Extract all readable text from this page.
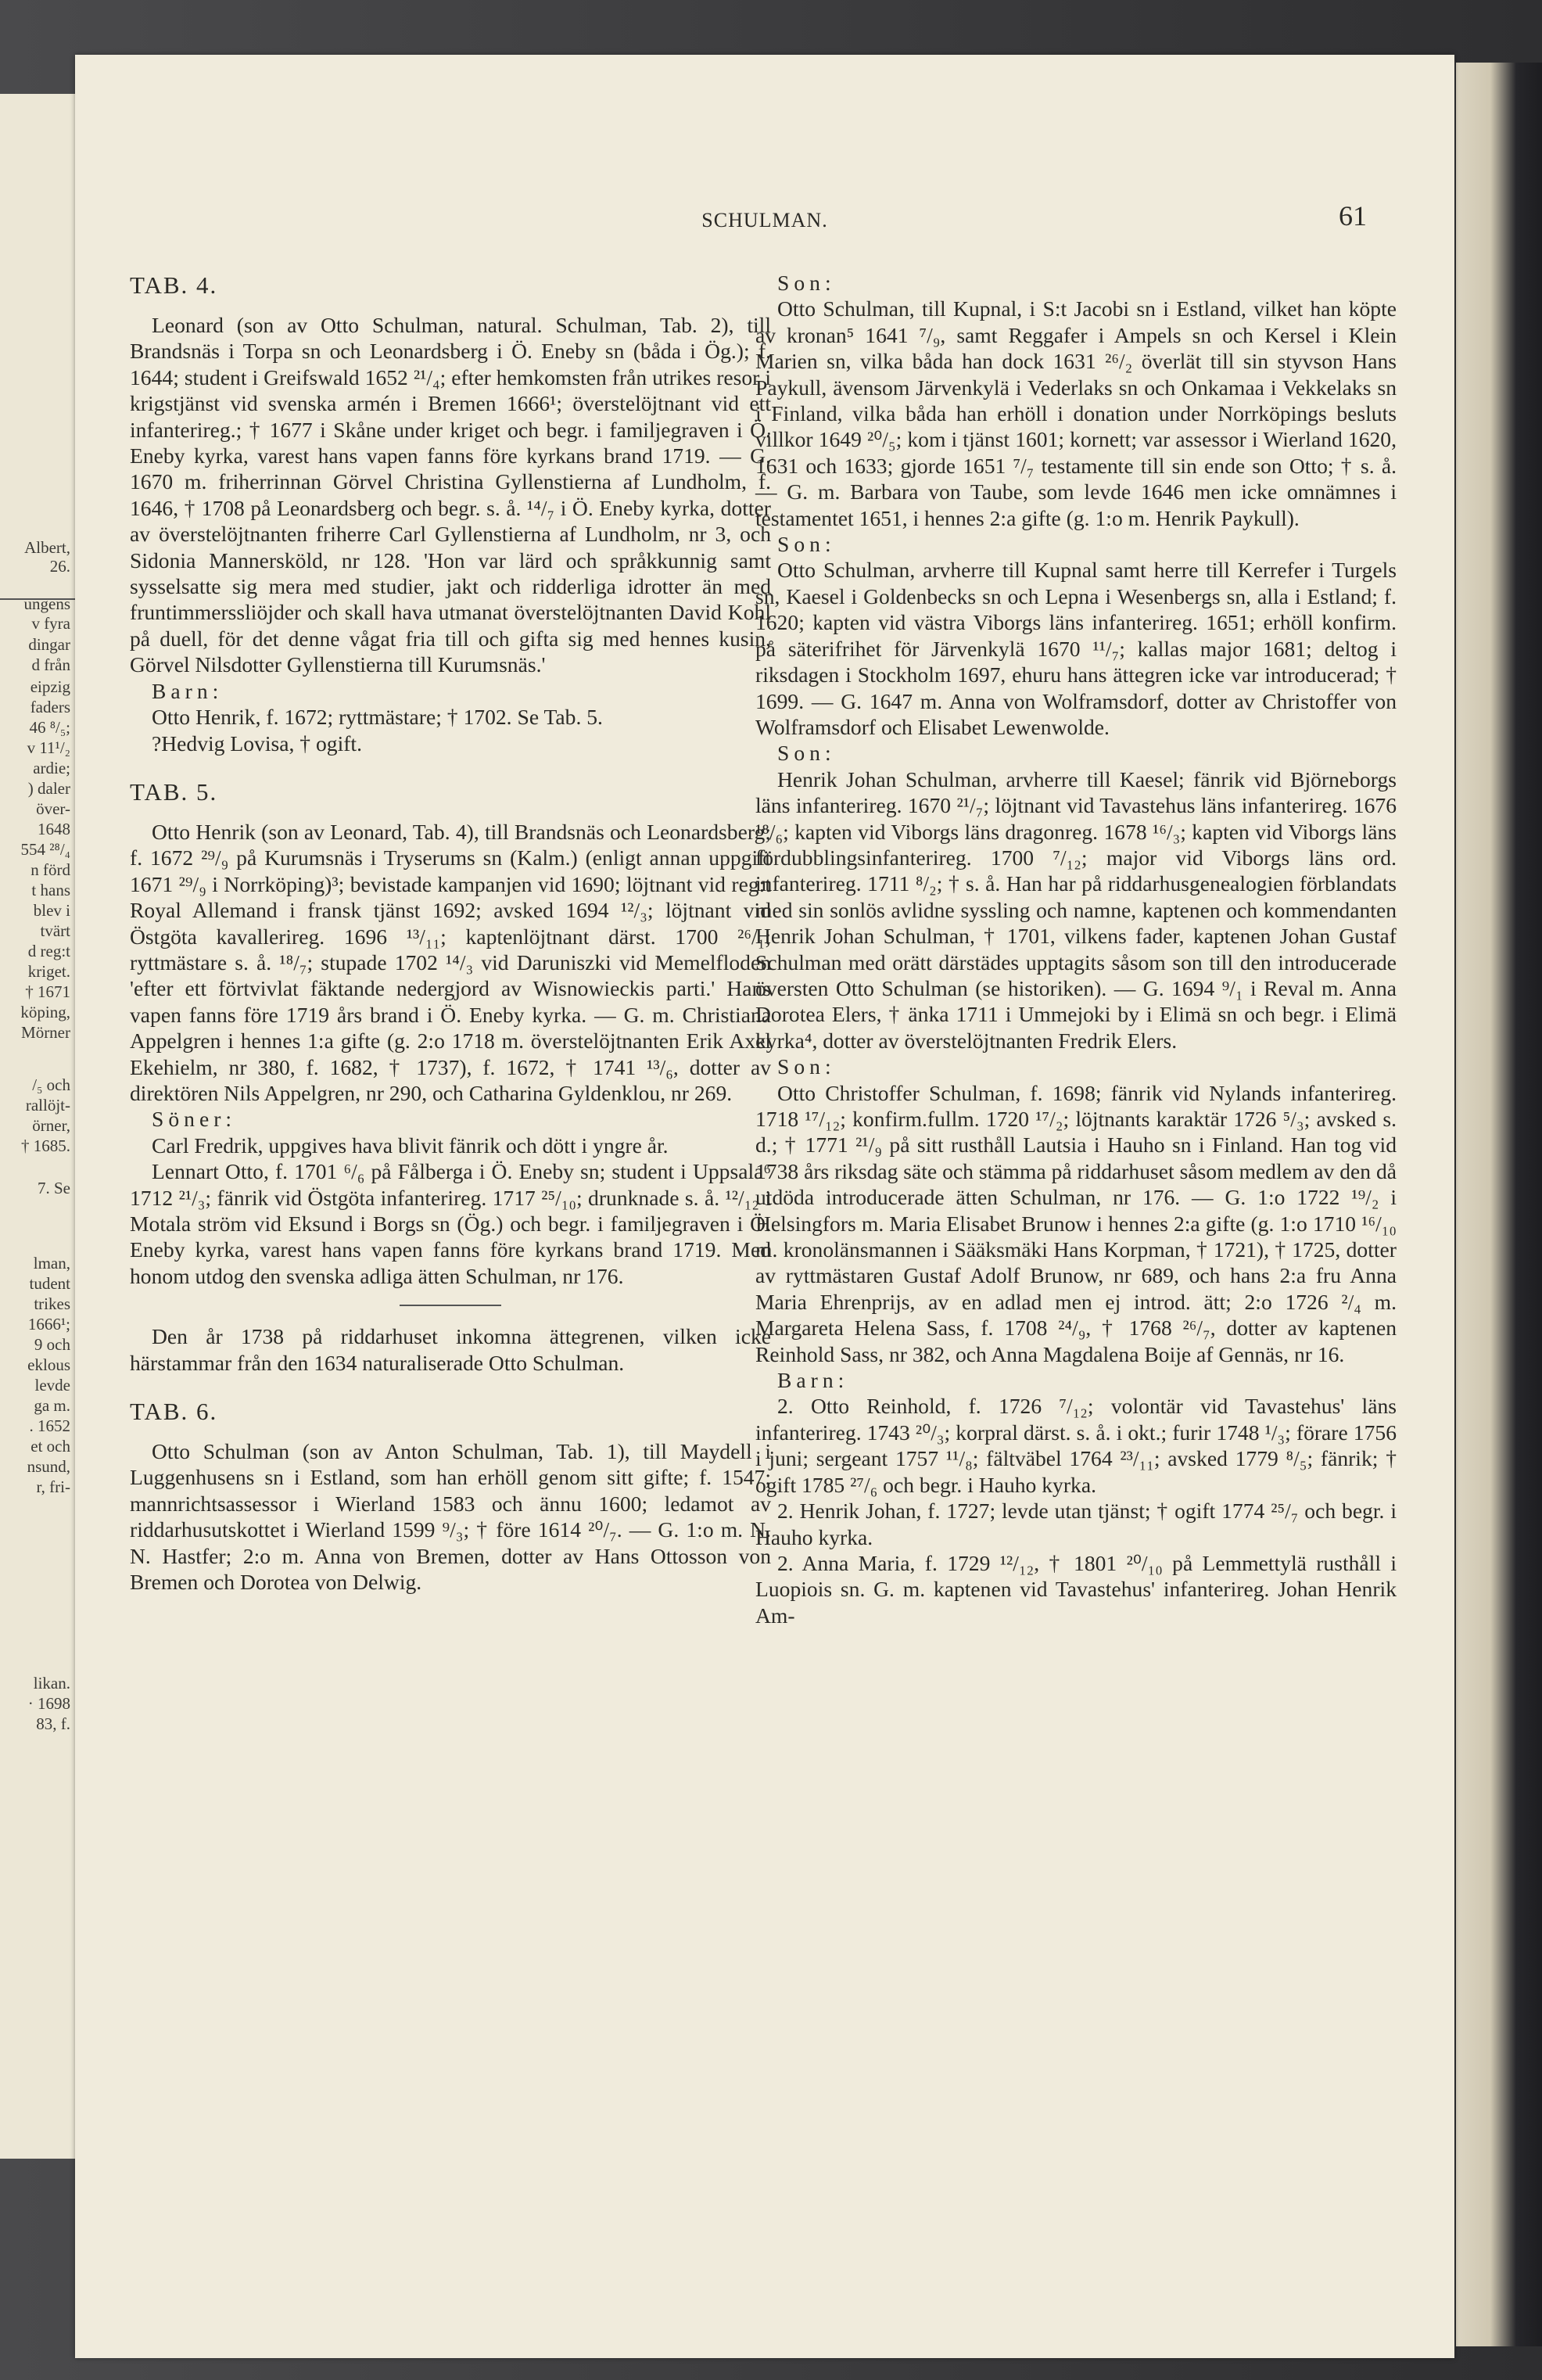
Albert,
26.
ungens
v fyra
dingar
d från
eipzig
faders
46 ⁸/₅;
v 11¹/₂
ardie;
) daler
över-
1648
554 ²⁸/₄
n förd
t hans
blev i
tvärt
d reg:t
kriget.
† 1671
köping,
Mörner
/₅ och
rallöjt-
örner,
† 1685.
7. Se
lman,
tudent
trikes
1666¹;
9 och
eklous
levde
ga m.
. 1652
et och
nsund,
r, fri-
likan.
· 1698
83, f.
SCHULMAN.	61

TAB. 4.

Leonard (son av Otto Schulman, natural. Schulman, Tab. 2), till Brandsnäs i Torpa sn och Leonardsberg i Ö. Eneby sn (båda i Ög.); f. 1644; student i Greifswald 1652 ²¹/₄; efter hemkomsten från utrikes resor i krigstjänst vid svenska armén i Bremen 1666¹; överstelöjtnant vid ett infanterireg.; † 1677 i Skåne under kriget och begr. i familjegraven i Ö. Eneby kyrka, varest hans vapen fanns före kyrkans brand 1719. — G. 1670 m. friherrinnan Görvel Christina Gyllenstierna af Lundholm, f. 1646, † 1708 på Leonardsberg och begr. s. å. ¹⁴/₇ i Ö. Eneby kyrka, dotter av överstelöjtnanten friherre Carl Gyllenstierna af Lundholm, nr 3, och Sidonia Mannersköld, nr 128. 'Hon var lärd och språkkunnig samt sysselsatte sig mera med studier, jakt och ridderliga idrotter än med fruntimmerssliöjder och skall hava utmanat överstelöjtnanten David Kohl på duell, för det denne vågat fria till och gifta sig med hennes kusin, Görvel Nilsdotter Gyllenstierna till Kurumsnäs.'

Barn:

Otto Henrik, f. 1672; ryttmästare; † 1702. Se Tab. 5.

?Hedvig Lovisa, † ogift.

TAB. 5.

Otto Henrik (son av Leonard, Tab. 4), till Brandsnäs och Leonardsberg; f. 1672 ²⁹/₉ på Kurumsnäs i Tryserums sn (Kalm.) (enligt annan uppgift 1671 ²⁹/₉ i Norrköping)³; bevistade kampanjen vid 1690; löjtnant vid reg:t Royal Allemand i fransk tjänst 1692; avsked 1694 ¹²/₃; löjtnant vid Östgöta kavallerireg. 1696 ¹³/₁₁; kaptenlöjtnant därst. 1700 ²⁶/₁; ryttmästare s. å. ¹⁸/₇; stupade 1702 ¹⁴/₃ vid Daruniszki vid Memelfloden 'efter ett förtvivlat fäktande nedergjord av Wisnowieckis parti.' Hans vapen fanns före 1719 års brand i Ö. Eneby kyrka. — G. m. Christiana Appelgren i hennes 1:a gifte (g. 2:o 1718 m. överstelöjtnanten Erik Axel Ekehielm, nr 380, f. 1682, † 1737), f. 1672, † 1741 ¹³/₆, dotter av direktören Nils Appelgren, nr 290, och Catharina Gyldenklou, nr 269.

Söner:

Carl Fredrik, uppgives hava blivit fänrik och dött i yngre år.

Lennart Otto, f. 1701 ⁶/₆ på Fålberga i Ö. Eneby sn; student i Uppsala⁶ 1712 ²¹/₃; fänrik vid Östgöta infanterireg. 1717 ²⁵/₁₀; drunknade s. å. ¹²/₁₂ i Motala ström vid Eksund i Borgs sn (Ög.) och begr. i familjegraven i Ö. Eneby kyrka, varest hans vapen fanns före kyrkans brand 1719. Med honom utdog den svenska adliga ätten Schulman, nr 176.

Den år 1738 på riddarhuset inkomna ättegrenen, vilken icke härstammar från den 1634 naturaliserade Otto Schulman.

TAB. 6.

Otto Schulman (son av Anton Schulman, Tab. 1), till Maydell i Luggenhusens sn i Estland, som han erhöll genom sitt gifte; f. 1547; mannrichtsassessor i Wierland 1583 och ännu 1600; ledamot av riddarhusutskottet i Wierland 1599 ⁹/₃; † före 1614 ²⁰/₇. — G. 1:o m. N. N. Hastfer; 2:o m. Anna von Bremen, dotter av Hans Ottosson von Bremen och Dorotea von Delwig.

Son:

Otto Schulman, till Kupnal, i S:t Jacobi sn i Estland, vilket han köpte av kronan⁵ 1641 ⁷/₉, samt Reggafer i Ampels sn och Kersel i Klein Marien sn, vilka båda han dock 1631 ²⁶/₂ överlät till sin styvson Hans Paykull, ävensom Järvenkylä i Vederlaks sn och Onkamaa i Vekkelaks sn i Finland, vilka båda han erhöll i donation under Norrköpings besluts villkor 1649 ²⁰/₅; kom i tjänst 1601; kornett; var assessor i Wierland 1620, 1631 och 1633; gjorde 1651 ⁷/₇ testamente till sin ende son Otto; † s. å. — G. m. Barbara von Taube, som levde 1646 men icke omnämnes i testamentet 1651, i hennes 2:a gifte (g. 1:o m. Henrik Paykull).

Son:

Otto Schulman, arvherre till Kupnal samt herre till Kerrefer i Turgels sn, Kaesel i Goldenbecks sn och Lepna i Wesenbergs sn, alla i Estland; f. 1620; kapten vid västra Viborgs läns infanterireg. 1651; erhöll konfirm. på säterifrihet för Järvenkylä 1670 ¹¹/₇; kallas major 1681; deltog i riksdagen i Stockholm 1697, ehuru hans ättegren icke var introducerad; † 1699. — G. 1647 m. Anna von Wolframsdorf, dotter av Christoffer von Wolframsdorf och Elisabet Lewenwolde.

Son:

Henrik Johan Schulman, arvherre till Kaesel; fänrik vid Björneborgs läns infanterireg. 1670 ²¹/₇; löjtnant vid Tavastehus läns infanterireg. 1676 ¹⁸/₆; kapten vid Viborgs läns dragonreg. 1678 ¹⁶/₃; kapten vid Viborgs läns fördubblingsinfanterireg. 1700 ⁷/₁₂; major vid Viborgs läns ord. infanterireg. 1711 ⁸/₂; † s. å. Han har på riddarhusgenealogien förblandats med sin sonlös avlidne syssling och namne, kaptenen och kommendanten Henrik Johan Schulman, † 1701, vilkens fader, kaptenen Johan Gustaf Schulman med orätt därstädes upptagits såsom son till den introducerade översten Otto Schulman (se historiken). — G. 1694 ⁹/₁ i Reval m. Anna Dorotea Elers, † änka 1711 i Ummejoki by i Elimä sn och begr. i Elimä kyrka⁴, dotter av överstelöjtnanten Fredrik Elers.

Son:

Otto Christoffer Schulman, f. 1698; fänrik vid Nylands infanterireg. 1718 ¹⁷/₁₂; konfirm.fullm. 1720 ¹⁷/₂; löjtnants karaktär 1726 ⁵/₃; avsked s. d.; † 1771 ²¹/₉ på sitt rusthåll Lautsia i Hauho sn i Finland. Han tog vid 1738 års riksdag säte och stämma på riddarhuset såsom medlem av den då utdöda introducerade ätten Schulman, nr 176. — G. 1:o 1722 ¹⁹/₂ i Helsingfors m. Maria Elisabet Brunow i hennes 2:a gifte (g. 1:o 1710 ¹⁶/₁₀ m. kronolänsmannen i Sääksmäki Hans Korpman, † 1721), † 1725, dotter av ryttmästaren Gustaf Adolf Brunow, nr 689, och hans 2:a fru Anna Maria Ehrenprijs, av en adlad men ej introd. ätt; 2:o 1726 ²/₄ m. Margareta Helena Sass, f. 1708 ²⁴/₉, † 1768 ²⁶/₇, dotter av kaptenen Reinhold Sass, nr 382, och Anna Magdalena Boije af Gennäs, nr 16.

Barn:

2. Otto Reinhold, f. 1726 ⁷/₁₂; volontär vid Tavastehus' läns infanterireg. 1743 ²⁰/₃; korpral därst. s. å. i okt.; furir 1748 ¹/₃; förare 1756 i juni; sergeant 1757 ¹¹/₈; fältväbel 1764 ²³/₁₁; avsked 1779 ⁸/₅; fänrik; † ogift 1785 ²⁷/₆ och begr. i Hauho kyrka.

2. Henrik Johan, f. 1727; levde utan tjänst; † ogift 1774 ²⁵/₇ och begr. i Hauho kyrka.

2. Anna Maria, f. 1729 ¹²/₁₂, † 1801 ²⁰/₁₀ på Lemmettylä rusthåll i Luopiois sn. G. m. kaptenen vid Tavastehus' infanterireg. Johan Henrik Am-
